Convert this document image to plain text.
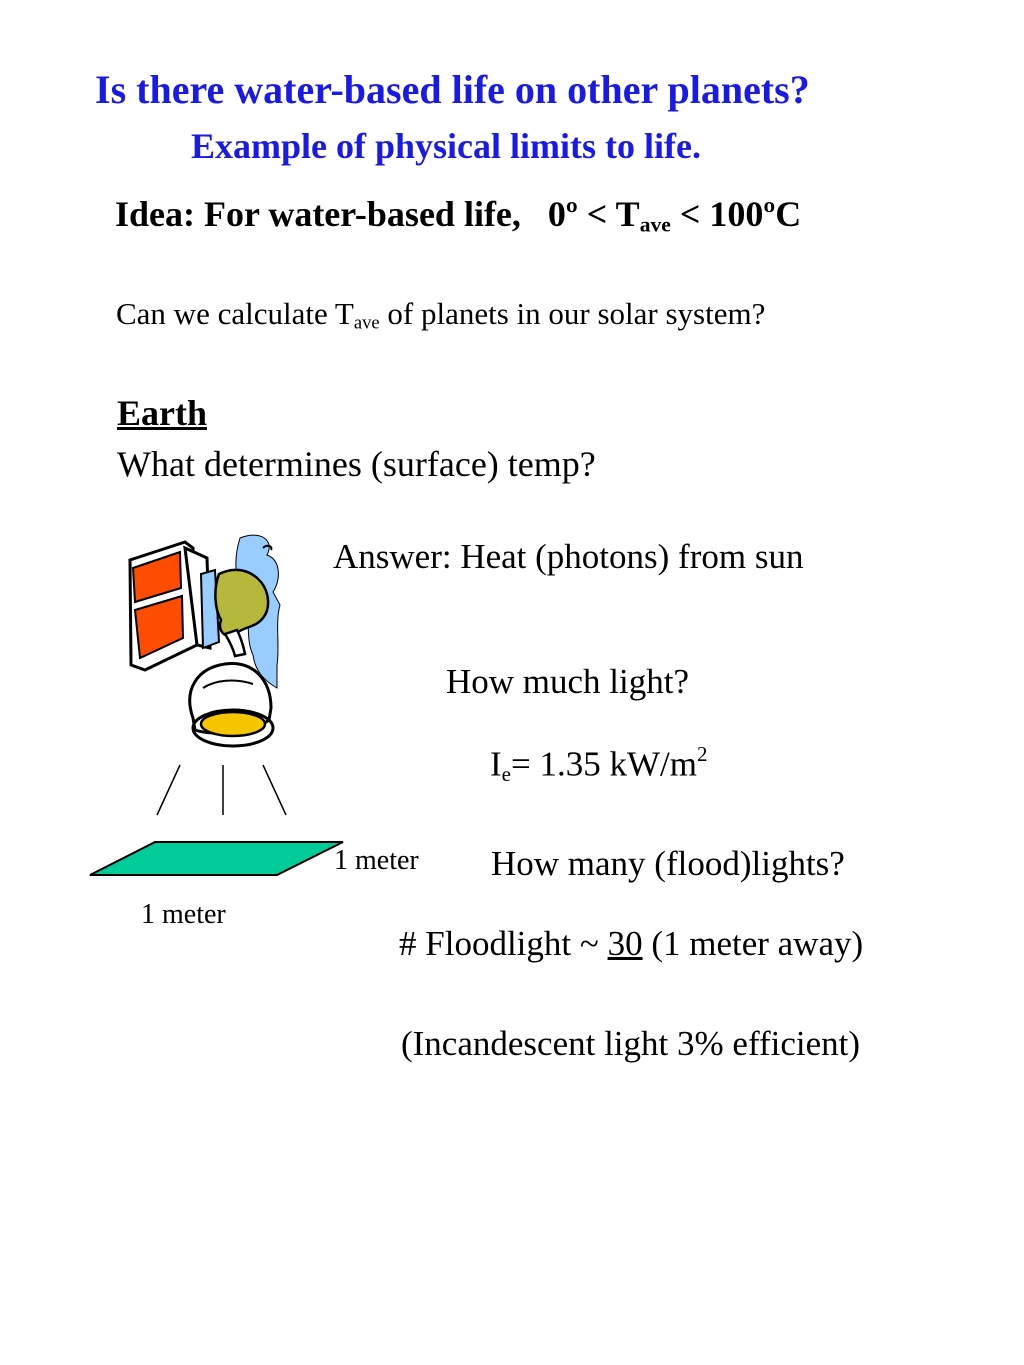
Is there water-based life on other planets?
Example of physical limits to life.
Idea: For water-based life, 0º < $T_{ave}$ < 100ºC
Can we calculate $T_{ave}$ of planets in our solar system?
Earth
What determines (surface) temp?
Answer: Heat (photons) from sun
How much light?
$I_e= 1.35$ $kW/m^2$
1 meter How many (flood)lights?
1 meter
# Floodlight ~ 30 (1 meter away)
(Incandescent light 3% efficient)
